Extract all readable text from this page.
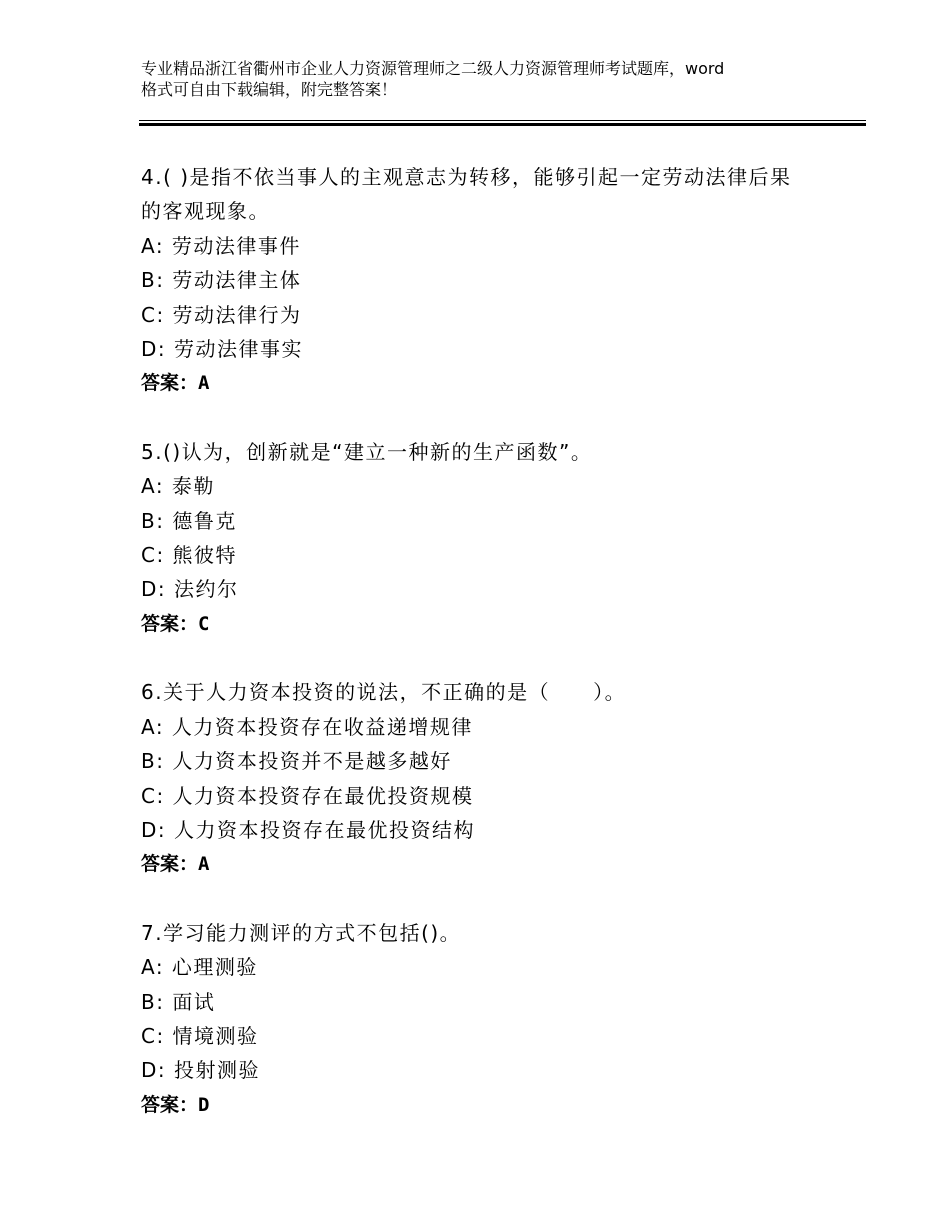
专业精品浙江省衢州市企业人力资源管理师之二级人力资源管理师考试题库，word
格式可自由下载编辑，附完整答案！
4.( )是指不依当事人的主观意志为转移，能够引起一定劳动法律后果
的客观现象。
A: 劳动法律事件
B: 劳动法律主体
C: 劳动法律行为
D: 劳动法律事实
答案：A
5.()认为，创新就是“建立一种新的生产函数”。
A: 泰勒
B: 德鲁克
C: 熊彼特
D: 法约尔
答案：C
6.关于人力资本投资的说法，不正确的是（　　）。
A: 人力资本投资存在收益递增规律
B: 人力资本投资并不是越多越好
C: 人力资本投资存在最优投资规模
D: 人力资本投资存在最优投资结构
答案：A
7.学习能力测评的方式不包括()。
A: 心理测验
B: 面试
C: 情境测验
D: 投射测验
答案：D
